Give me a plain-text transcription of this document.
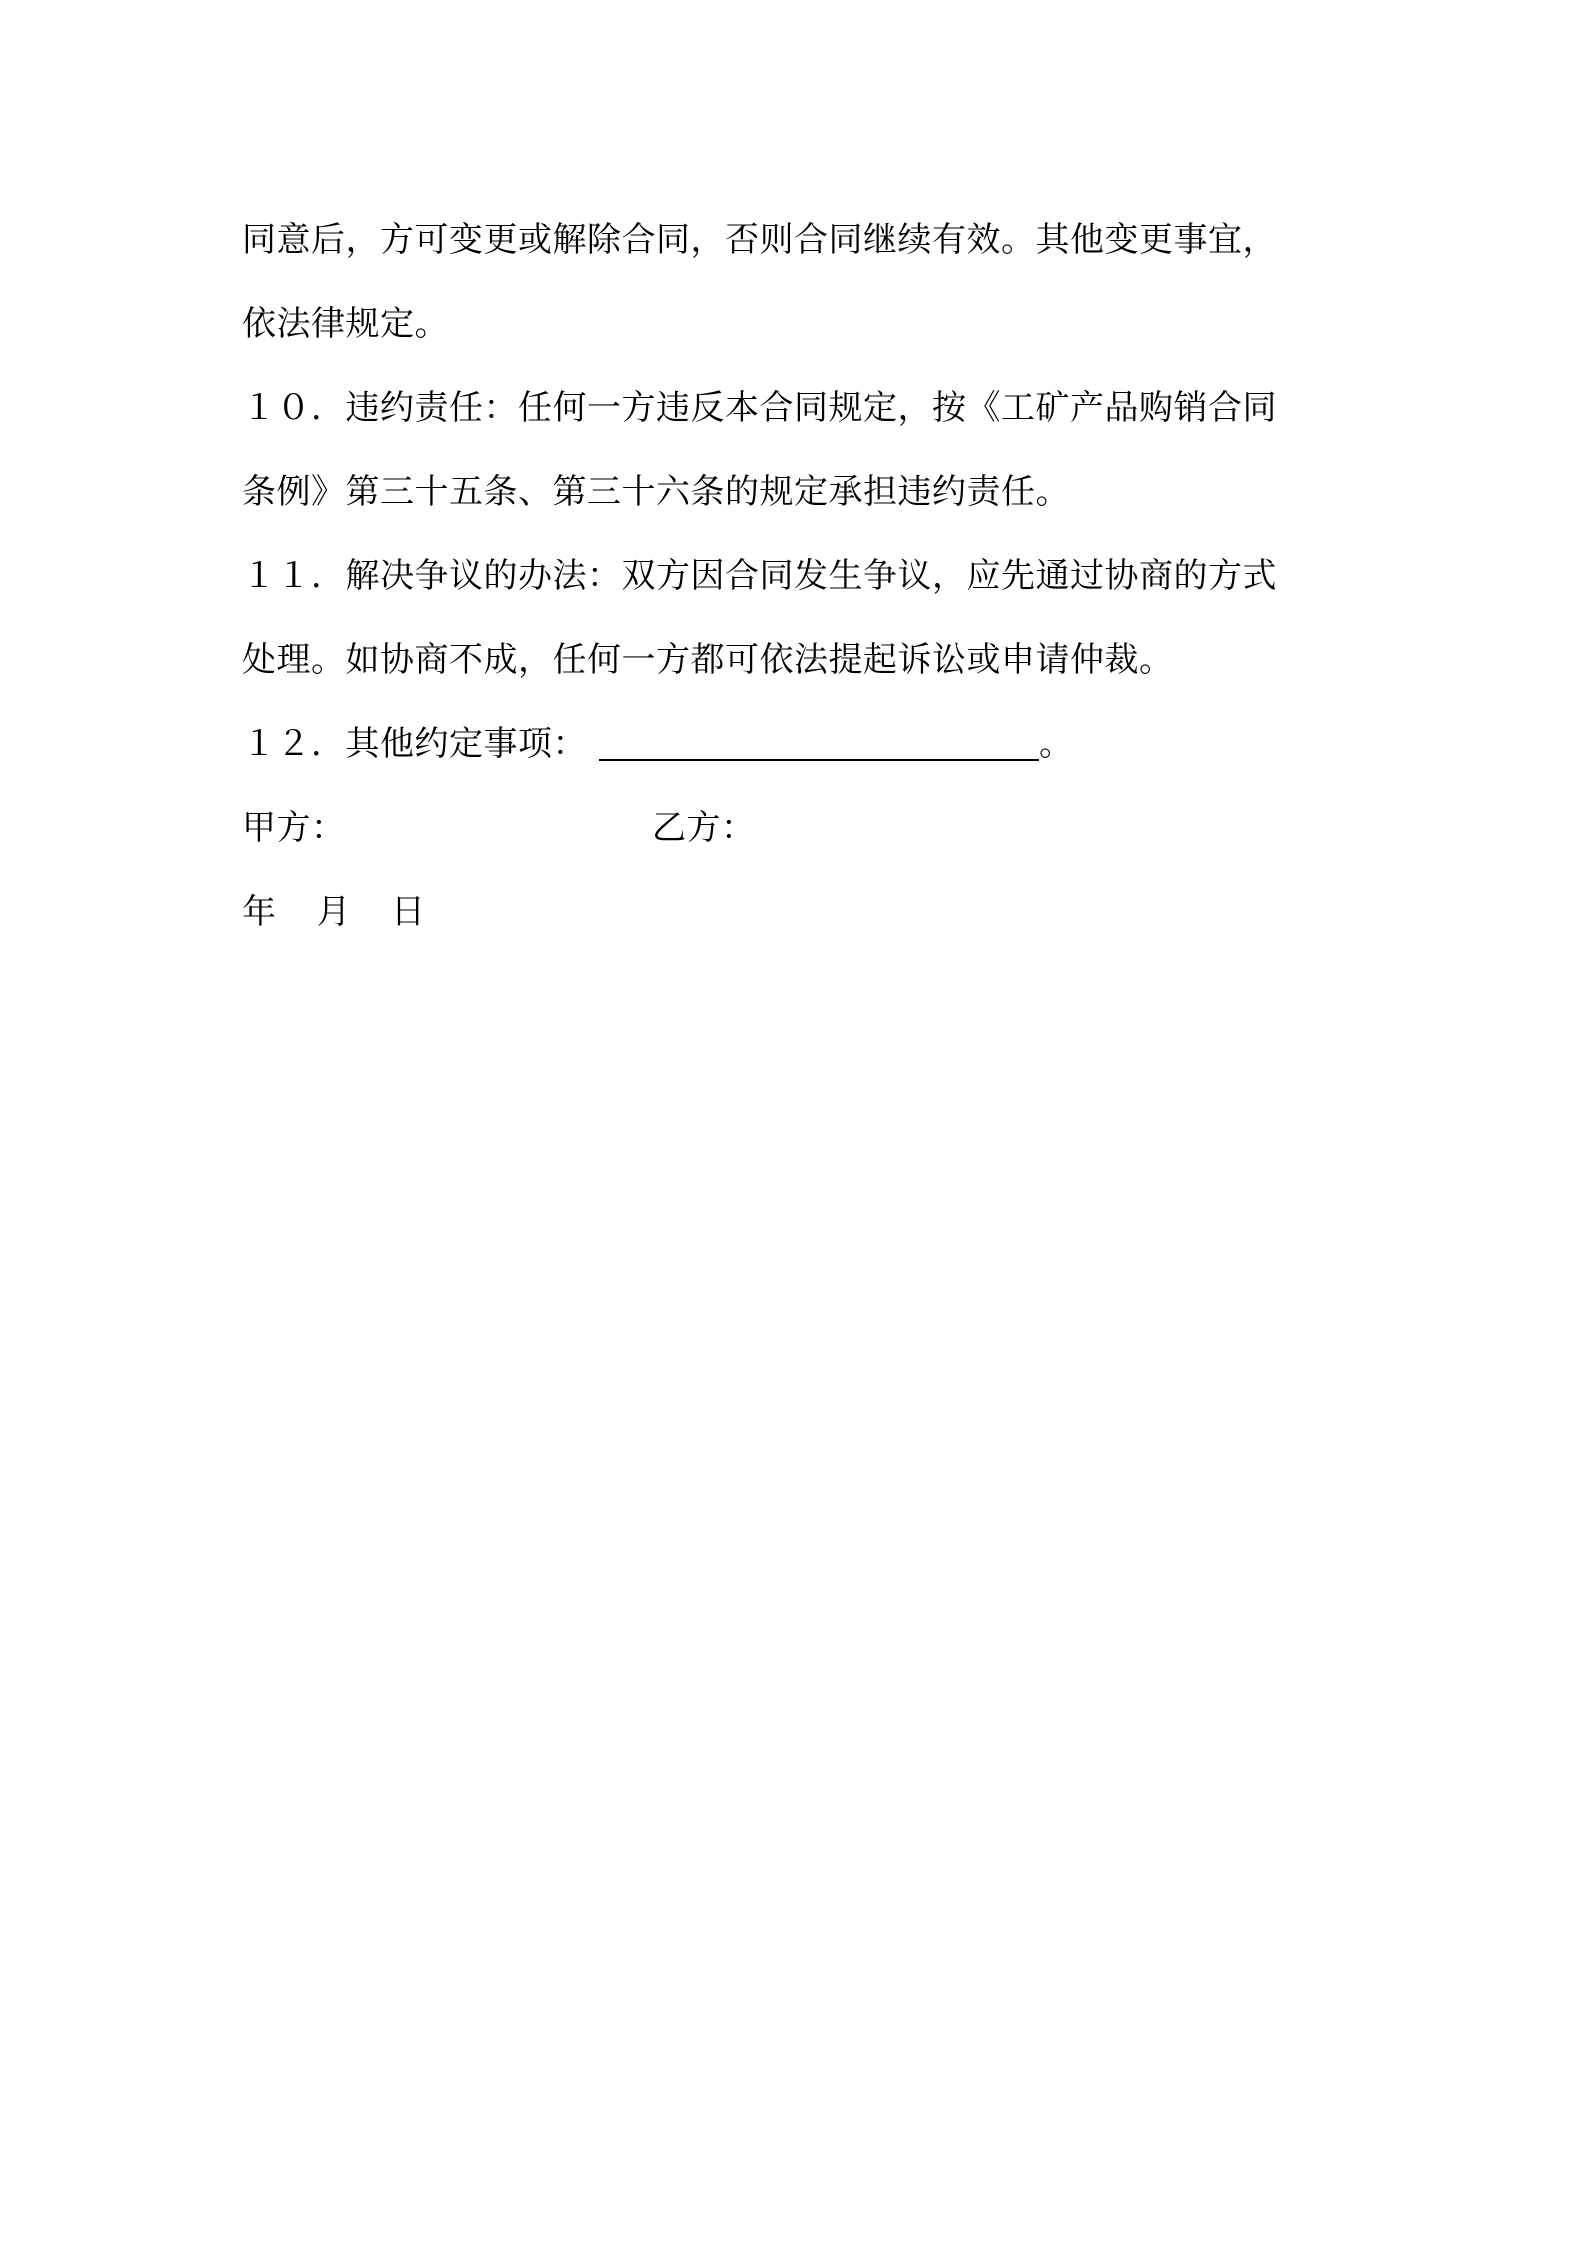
同意后，方可变更或解除合同，否则合同继续有效。其他变更事宜，
依法律规定。
１０．违约责任：任何一方违反本合同规定，按《工矿产品购销合同
条例》第三十五条、第三十六条的规定承担违约责任。
１１．解决争议的办法：双方因合同发生争议，应先通过协商的方式
处理。如协商不成，任何一方都可依法提起诉讼或申请仲裁。
１２．其他约定事项：	。
甲方：	乙方：
年 月 日
